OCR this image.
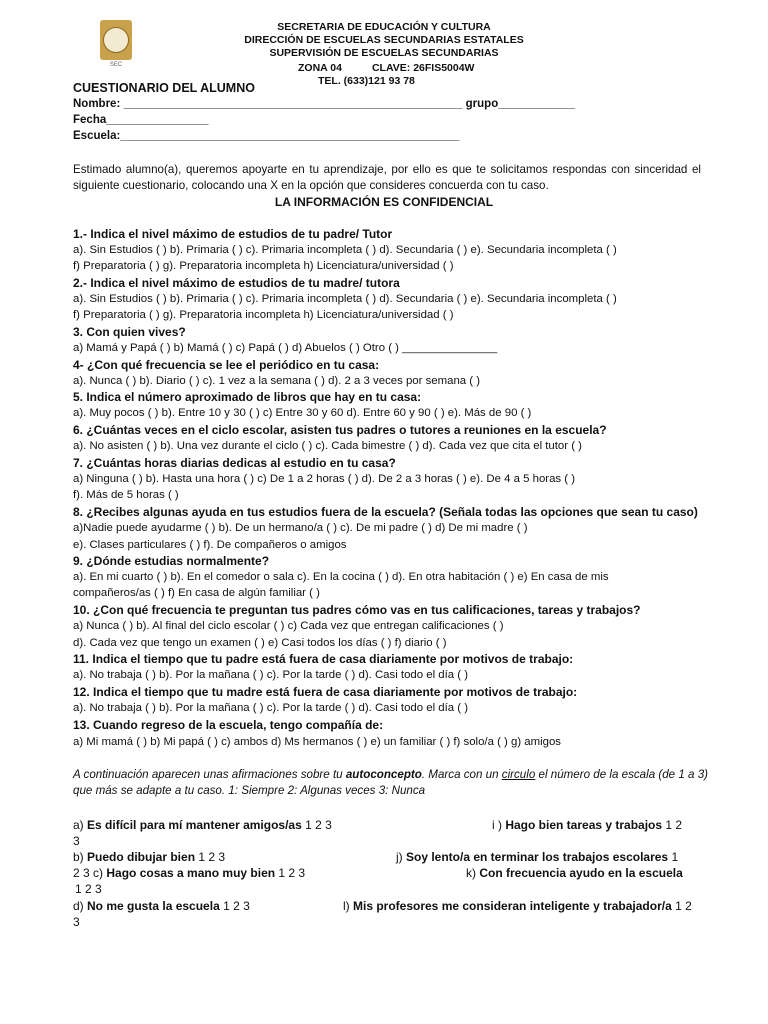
SEC
SECRETARIA DE EDUCACIÓN Y CULTURA
DIRECCIÓN DE ESCUELAS SECUNDARIAS ESTATALES
SUPERVISIÓN DE ESCUELAS SECUNDARIAS
ZONA 04	CLAVE: 26FIS5004W
TEL. (633)121 93 78
CUESTIONARIO DEL ALUMNO
Nombre: _____________________________________________________ grupo____________
Fecha________________
Escuela:_____________________________________________________
Estimado alumno(a), queremos apoyarte en tu aprendizaje, por ello es que te solicitamos respondas con sinceridad el siguiente cuestionario, colocando una X en la opción que consideres concuerda con tu caso.
LA INFORMACIÓN ES CONFIDENCIAL
1.- Indica el nivel máximo de estudios de tu padre/ Tutor
a). Sin Estudios ( ) b). Primaria ( ) c). Primaria incompleta ( ) d). Secundaria ( ) e). Secundaria incompleta ( )
f) Preparatoria ( ) g). Preparatoria incompleta h) Licenciatura/universidad ( )
2.- Indica el nivel máximo de estudios de tu madre/ tutora
a). Sin Estudios ( ) b). Primaria ( ) c). Primaria incompleta ( ) d). Secundaria ( ) e). Secundaria incompleta ( )
f) Preparatoria ( ) g). Preparatoria incompleta h) Licenciatura/universidad ( )
3. Con quien vives?
a) Mamá y Papá ( ) b) Mamá ( ) c) Papá ( ) d) Abuelos ( ) Otro ( ) _______________
4- ¿Con qué frecuencia se lee el periódico en tu casa:
a). Nunca ( ) b). Diario ( ) c). 1 vez a la semana ( ) d). 2 a 3 veces por semana ( )
5. Indica el número aproximado de libros que hay en tu casa:
a). Muy pocos ( ) b). Entre 10 y 30 ( ) c) Entre 30 y 60 d). Entre 60 y 90 ( ) e). Más de 90 ( )
6. ¿Cuántas veces en el ciclo escolar, asisten tus padres o tutores a reuniones en la escuela?
a). No asisten ( ) b). Una vez durante el ciclo ( ) c). Cada bimestre ( ) d). Cada vez que cita el tutor ( )
7. ¿Cuántas horas diarias dedicas al estudio en tu casa?
a) Ninguna ( ) b). Hasta una hora ( ) c) De 1 a 2 horas ( ) d). De 2 a 3 horas ( ) e). De 4 a 5 horas ( )
f). Más de 5 horas ( )
8. ¿Recibes algunas ayuda en tus estudios fuera de la escuela? (Señala todas las opciones que sean tu caso)
a)Nadie puede ayudarme ( ) b). De un hermano/a ( ) c). De mi padre ( ) d) De mi madre ( )
e). Clases particulares ( ) f). De compañeros o amigos
9. ¿Dónde estudias normalmente?
a). En mi cuarto ( ) b). En el comedor o sala c). En la cocina ( ) d). En otra habitación ( ) e) En casa de mis
compañeros/as ( ) f) En casa de algún familiar ( )
10. ¿Con qué frecuencia te preguntan tus padres cómo vas en tus calificaciones, tareas y trabajos?
a) Nunca ( ) b). Al final del ciclo escolar ( ) c) Cada vez que entregan calificaciones ( )
d). Cada vez que tengo un examen ( ) e) Casi todos los días ( ) f) diario ( )
11. Indica el tiempo que tu padre está fuera de casa diariamente por motivos de trabajo:
a). No trabaja ( ) b). Por la mañana ( ) c). Por la tarde ( ) d). Casi todo el día ( )
12. Indica el tiempo que tu madre está fuera de casa diariamente por motivos de trabajo:
a). No trabaja ( ) b). Por la mañana ( ) c). Por la tarde ( ) d). Casi todo el día ( )
13. Cuando regreso de la escuela, tengo compañía de:
a) Mi mamá ( ) b) Mi papá ( ) c) ambos d) Ms hermanos ( ) e) un familiar ( ) f) solo/a ( ) g) amigos
A continuación aparecen unas afirmaciones sobre tu autoconcepto. Marca con un circulo el número de la escala (de 1 a 3)
que más se adapte a tu caso. 1: Siempre 2: Algunas veces 3: Nunca
a) Es difícil para mí mantener amigos/as 1 2 3	i ) Hago bien tareas y trabajos 1 2
3
b) Puedo dibujar bien 1 2 3	j) Soy lento/a en terminar los trabajos escolares 1
2 3 c) Hago cosas a mano muy bien 1 2 3	k) Con frecuencia ayudo en la escuela
1 2 3
d) No me gusta la escuela 1 2 3	l) Mis profesores me consideran inteligente y trabajador/a 1 2
3
